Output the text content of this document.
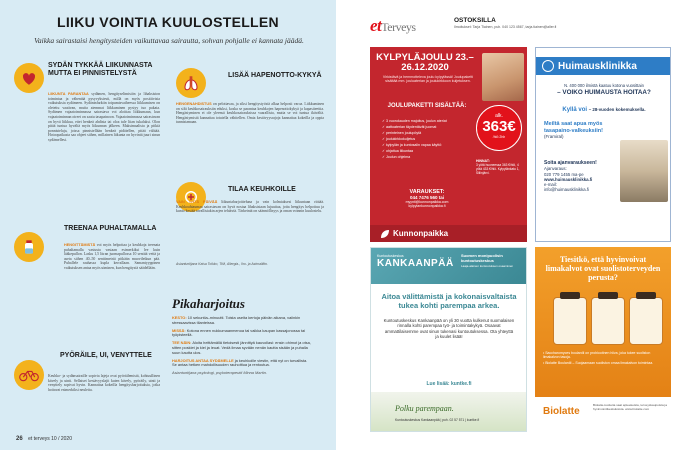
LIIKU VOINTIA KUULOSTELLEN
Vaikka sairastaisi hengitysteiden vaikuttavaa sairautta, sohvan pohjalle ei kannata jäädä.
SYDÄN TYKKÄÄ LIIKUNNASTA MUTTA EI PINNISTELYSTÄ
LIIKUNTA PARANTAA sydämen, hengityselimistön ja lihaksiston toimintaa ja vähentää pysyvyksiesti, millä on myös positiivisia vaikutuksia sydämeen. Sydäninfarktin toipumisvaiheessa liikkumisen on oletettu vaativan, mutta aiemmat liikkuminen pystyy tuo pakata. Sydämen vajaatoiminnassa sairastava voi aloittaa liikkumaan, kun vajaatoiminnan oireet on saatu tasapainoon. Vajaatoiminnassa sairastavan on hyvä liikkua, ettei henkeä ahdista tai oloa tule liian tukalaksi. Olon pitää tuntua hyvältä myös liikunnan jälkeen. Maksimaalista ja pitkiä ponnisteluja, joissa pinnistellään henkeä pidätellen, pitää välttää. Hotoopaikasta saa ohjeet siihen, millainen liikunta on hyvintä juuri sinun sydämellesi.
LISÄÄ HAPENOTTO-KYKYÄ
HENGENAHDISTUS on pelottavaa, ja siksi hengitystyöstä alkaa helposti varoa. Liikkuminen on silti keuhkosairauksiin eduksi, koska se parantaa keuhkojen hapenottokykyä ja kapasiteettia. Hengästyminen ei ole yleensä keuhkosairauksissa vaarallista, mutta se voi tuntua ikävältä. Hengästymistä kannattaa totutella vähitellen. Omia kestävyysrajoja kannattaa kokeilla ja oppia tunnistamaan.
TILAA KEUHKOILLE
VAIN YHTÄ PÄIVÄÄ liikuntaharjoitteluna ja vain kolmiaksesi liikuntaan riittää. Keuhkoahtaumaa sairastavan on hyvä nostaa lihaksistaan lujuuttaa, jotta hengitys helpottuu ja kunto kestää tavallisiakin arjen tehtäviä. Tärkeintä on säännöllisyys ja oman voinnin kuulostelu.
Asiantuntijana Kaisa Toikko, TtM, Allergia-, Iho- ja Astmaliitto.
TREENAA PUHALTAMALLA
HENGITTÄMISTÄ voi myös helpottaa ja keuhkoja treenata puhaltamalla vastusta vastaan esimerkiksi lee kuin lääkepullon. Lasku 1,5 litran juomapullossa 10 senttiä vettä ja aseta siihen 40–50 senttimetriä pitkään muoviletkun pää. Puhallele rauhassa kupla kerrallaan. Samantyyppinen vaikutuksen antaa myös uiminen, kun hengitystä säädellään.
PYÖRÄILE, UI, VENYTTELE
Keuhko- ja sydänsairaille sopivia lajeja ovat pyöräilemistä, kohtuullinen kävely ja uinti. Sellaiset kestävyyslajit kuten kävely, pyöräily, uinti ja venyttely sopivat hyvin. Kannattaa kokeilla hengitysharjoituksia, jotka hoitavat esimerkiksi neuleita.
Pikaharjoitus
KESTO: 10 sekuntia–minuutti. Toista useita kertoja päivän aikana, vaiinkin stressaavissa tilanteissa.
MISSÄ: Kotona ennen nukkumaanmenoa tai vaikka kaupan kassajonossa tai työpisteellä.
TEE NÄIN: Aloita heittämällä tietoisesti jännittyä kauvollasi: ensin ohimot ja otsa, sitten poskiet ja kiel ja leuat. Vedä ilmaa syvään nenän kautta sisään ja puhalla suun kautta ulos.
HARJOITUS ANTAA SYDÄMELLE ja keuhkoille viestin, että nyt on turvallista. Se antaa hetken mahdollisuuden rauhoittua ja rentoutua.
Asiantuntijana psykologi, psykoterapeutti Minna Martin.
26 et terveys 10 / 2020
etTerveys	OSTOKSILLA
Ilmoitukset: Tarja Tiainen, puh. 040 123 4567, tarja.tiainen@aller.fi
KYLPYLÄJOULU 23.–26.12.2020
Virkistävä ja hemmotteleva joulu kylpylässä! Joulupaketti sisältää mm. jouluaterian ja joulukirkkoon kuljetuksen.
JOULUPAKETTI SISÄLTÄÄ:
✓ 3 vuorokauden majoitus, joulun ateriat
✓ aattoaterian täydentävät juomat
✓ perinteinen joulupöytä
✓ joulukirkkokuljetus
✓ kylpylän ja kuntosalin vapaa käyttö
✓ ohjattua liikuntaa
✓ Joulun ohjelma
alk.
363€
/hlö 2hh
HINNAT:
3 yötä huoneessa 363 €/hlö, 4 yötä 433 €/hlö. Kylpylänkatu 1, Siilinjärvi.
VARAUKSET:
044 7476 560 tai
myynti@kunnonpaikka.com
kylpylankunnonpaikka.fi
Kunnonpaikka
Huimausklinikka
N. 400 000 ilmistä kaatuu kotona vuosittain
– VOIKO HUIMAUSTA HOITAA?
Kyllä voi – 28-vuoden kokemuksella.
Meiltä saat apua myös tasapaino-valkeuksiin!
(Framiral)
Soita ajanvaraukseen!
Ajanvaraus:
020 779 1455 ma-pe
www.huimausklinikka.fi
e-mail:
info@huimausklinikka.fi
Kuntoutuskeskus
KANKAANPÄÄ
Suomen monipuolisin kuntoutuskeskus
Laaja-alainen kuntoutuksen osaaminen
Aitoa välittämistä ja kokonaisvaltaista tukea kohti parempaa arkea.
Kuntoutuskeskus Kankaanpää on yli 30 vuotta kulkenut suomalaisen rinnalla kohti parempaa työ- ja toimintakykyä. Osaavat ammattilaisemme ovat sinun tukenasi kuntoutuksessa. Ota yhteyttä ja kuulet lisää!
Lue lisää: kuntke.fi
Polku parempaan.
Kuntoutuskeskus Kankaanpää | puh. 02 57 571 | kuntke.fi
Tiesitkö, että hyvinvoivat limakalvot ovat suolistoterveyden perusta?
• Saccharomyces boulardii on probiootinen hiiva, joka tukee suoliston limakalvon tasoja.
• Biolatte Boulardii – Suojaamaan suoliston omaa limakalvon toimintaa.
Biolatte
Biolatte-tuotteita saat apteekeista, terveyskaupoista ja hyvinvointikeskuksista. www.biolatte.com
